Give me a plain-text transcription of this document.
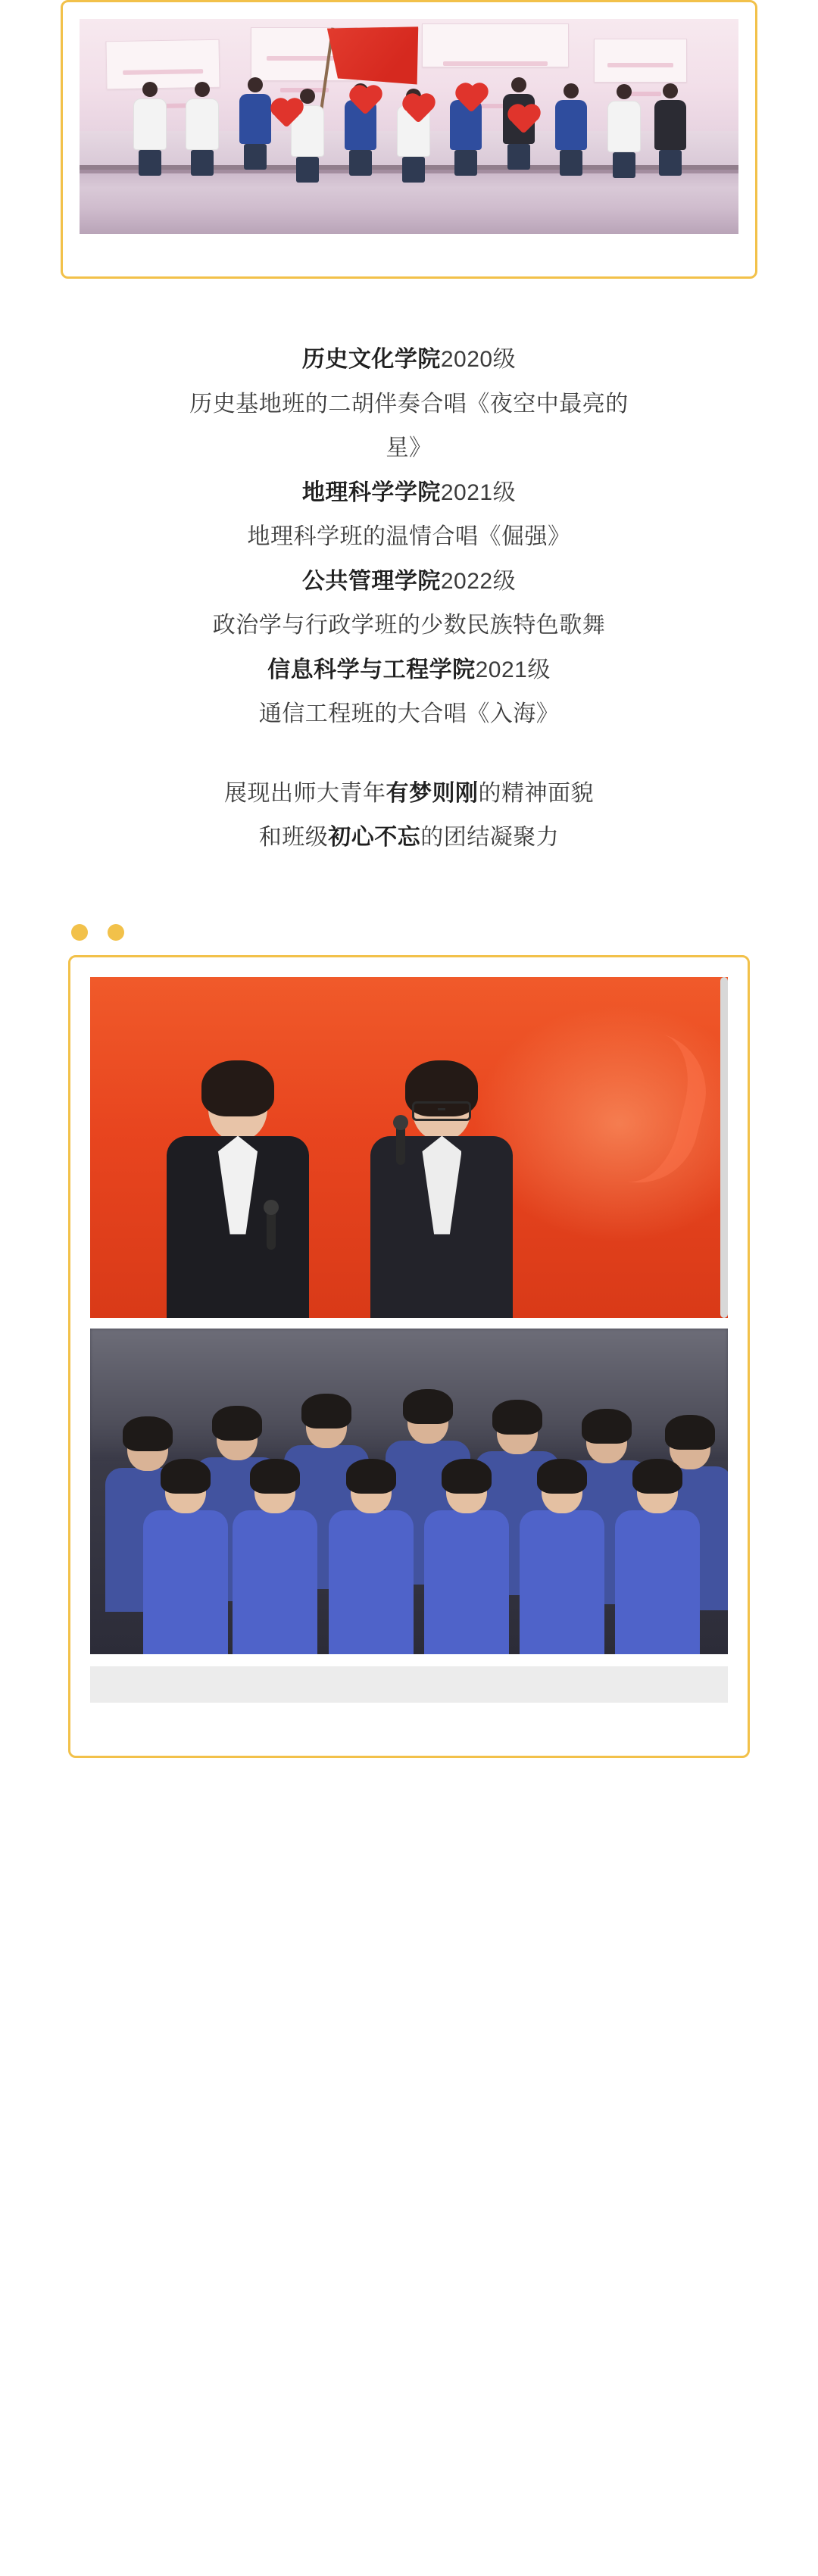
历史文化学院2020级

历史基地班的二胡伴奏合唱《夜空中最亮的

星》

地理科学学院2021级

地理科学班的温情合唱《倔强》

公共管理学院2022级

政治学与行政学班的少数民族特色歌舞

信息科学与工程学院2021级

通信工程班的大合唱《入海》

展现出师大青年有梦则刚的精神面貌

和班级初心不忘的团结凝聚力
